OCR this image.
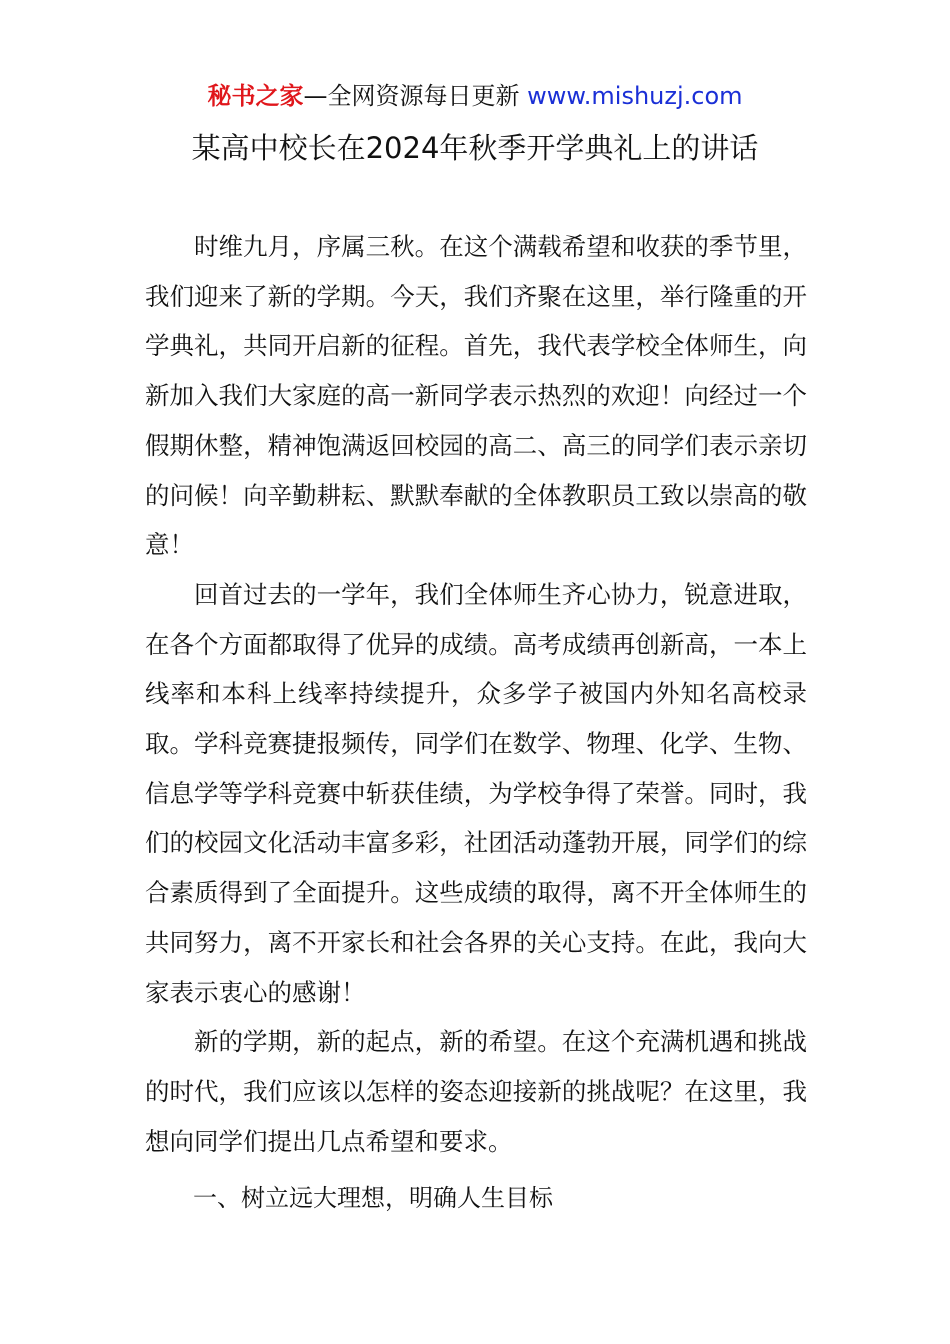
秘书之家—全网资源每日更新 www.mishuzj.com
某高中校长在2024年秋季开学典礼上的讲话

时维九月，序属三秋。在这个满载希望和收获的季节里，我们迎来了新的学期。今天，我们齐聚在这里，举行隆重的开学典礼，共同开启新的征程。首先，我代表学校全体师生，向新加入我们大家庭的高一新同学表示热烈的欢迎！向经过一个假期休整，精神饱满返回校园的高二、高三的同学们表示亲切的问候！向辛勤耕耘、默默奉献的全体教职员工致以崇高的敬意！

回首过去的一学年，我们全体师生齐心协力，锐意进取，在各个方面都取得了优异的成绩。高考成绩再创新高，一本上线率和本科上线率持续提升，众多学子被国内外知名高校录取。学科竞赛捷报频传，同学们在数学、物理、化学、生物、信息学等学科竞赛中斩获佳绩，为学校争得了荣誉。同时，我们的校园文化活动丰富多彩，社团活动蓬勃开展，同学们的综合素质得到了全面提升。这些成绩的取得，离不开全体师生的共同努力，离不开家长和社会各界的关心支持。在此，我向大家表示衷心的感谢！

新的学期，新的起点，新的希望。在这个充满机遇和挑战的时代，我们应该以怎样的姿态迎接新的挑战呢？在这里，我想向同学们提出几点希望和要求。

一、树立远大理想，明确人生目标
